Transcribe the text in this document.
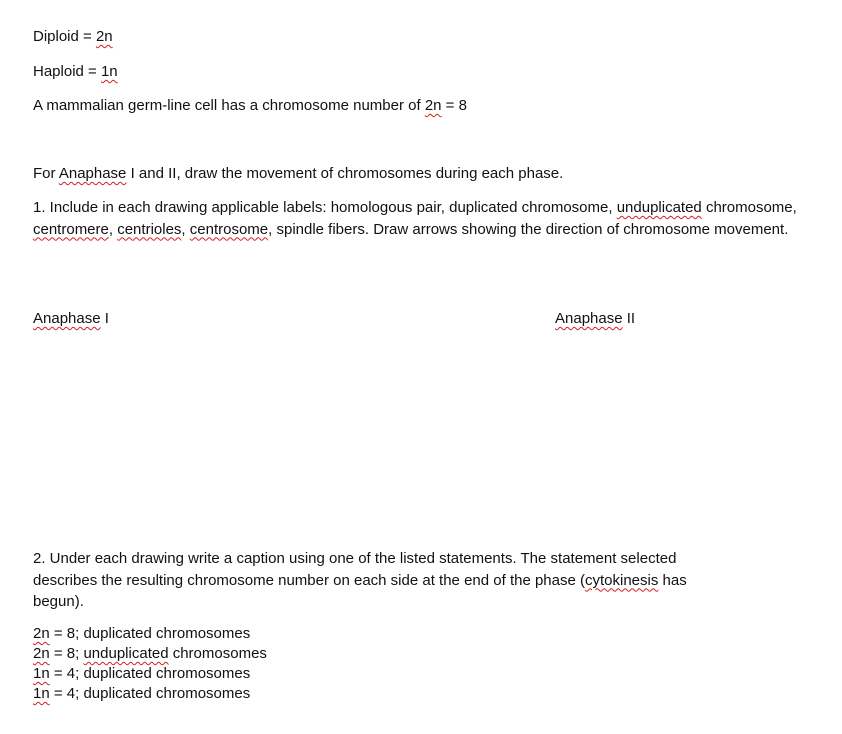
Diploid = 2n
Haploid = 1n
A mammalian germ-line cell has a chromosome number of 2n = 8
For Anaphase I and II, draw the movement of chromosomes during each phase.
1. Include in each drawing applicable labels: homologous pair, duplicated chromosome, unduplicated chromosome, centromere, centrioles, centrosome, spindle fibers. Draw arrows showing the direction of chromosome movement.
Anaphase I	Anaphase II
2. Under each drawing write a caption using one of the listed statements. The statement selected describes the resulting chromosome number on each side at the end of the phase (cytokinesis has begun).
2n = 8; duplicated chromosomes
2n = 8; unduplicated chromosomes
1n = 4; duplicated chromosomes
1n = 4; duplicated chromosomes
